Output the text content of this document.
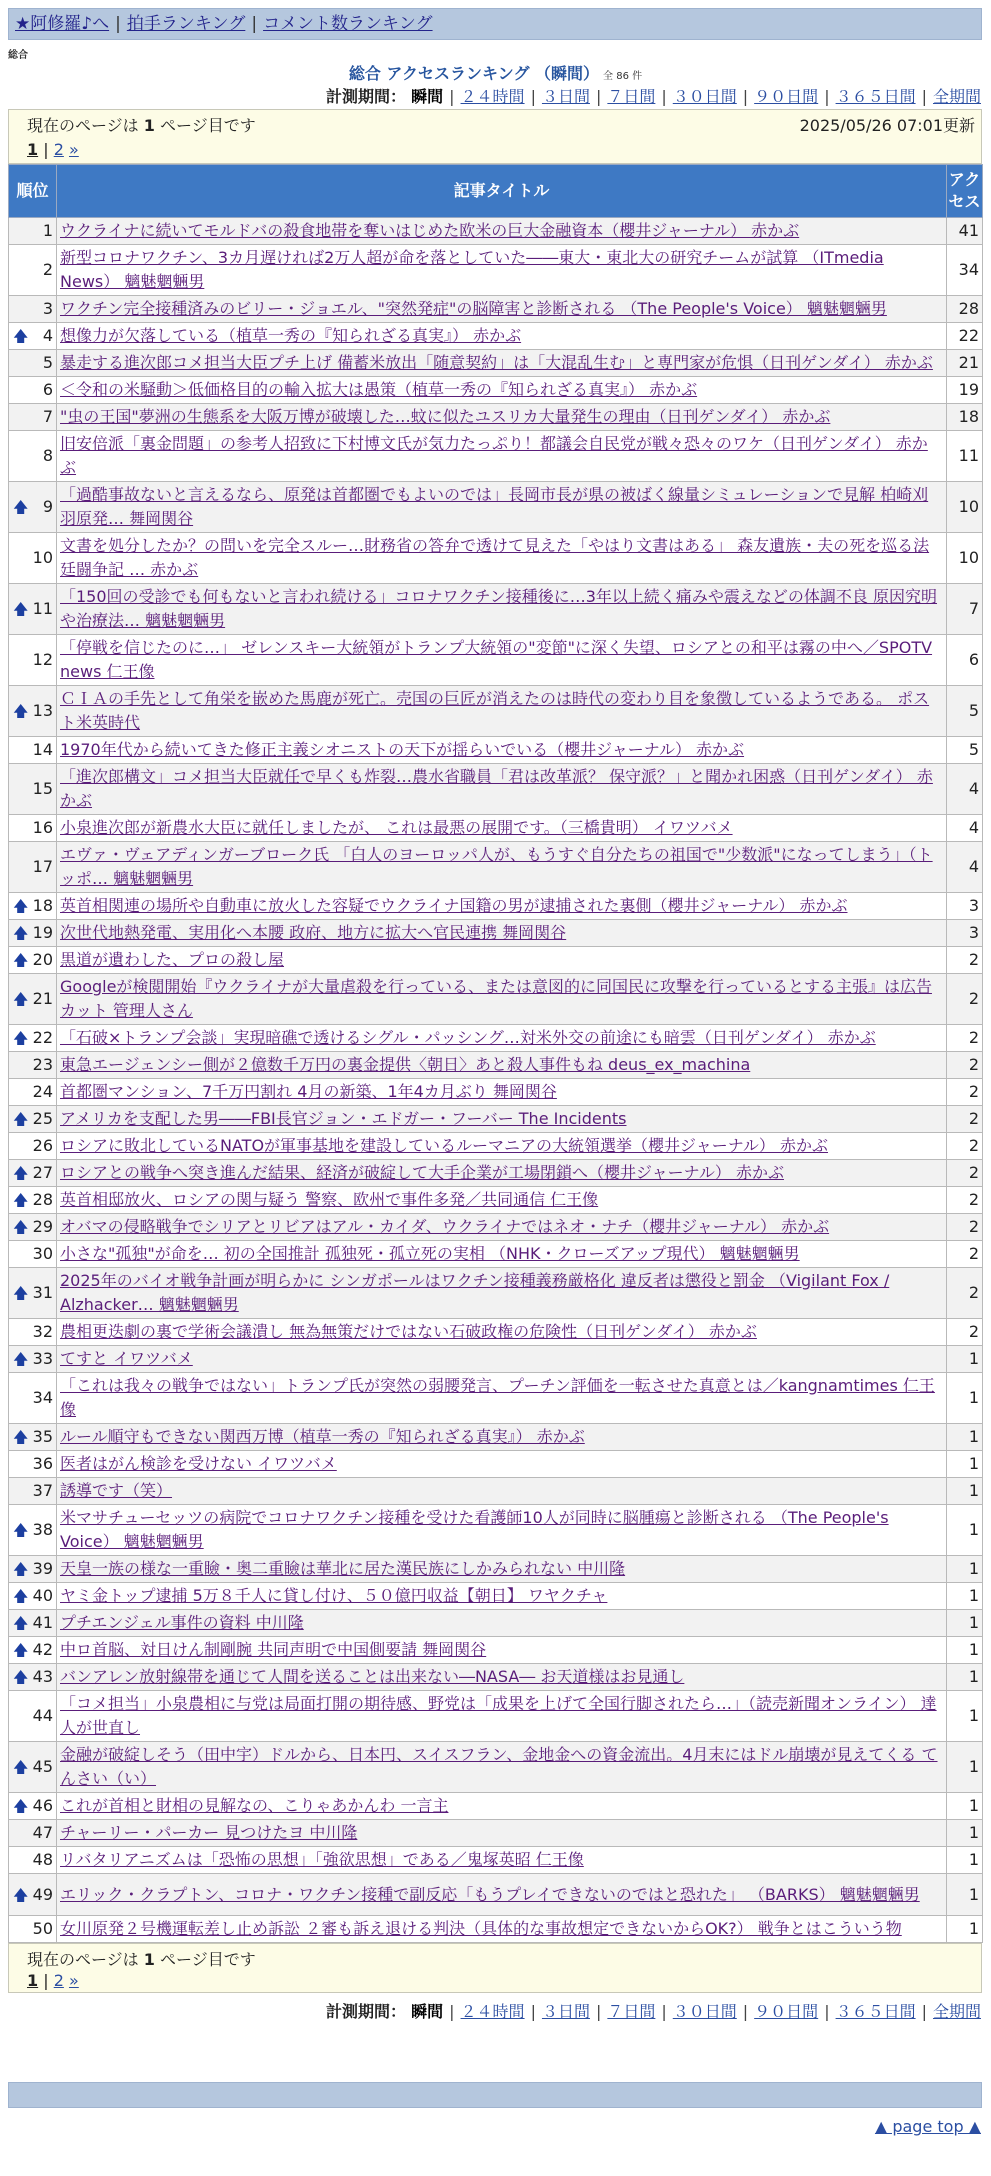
★阿修羅♪へ | 拍手ランキング | コメント数ランキング
総合
総合 アクセスランキング （瞬間） 全 86 件
計測期間： 瞬間 | ２４時間 | ３日間 | ７日間 | ３０日間 | ９０日間 | ３６５日間 | 全期間
現在のページは 1 ページ目です	2025/05/26 07:01更新
1 | 2 »
順位	記事タイトル	アクセス
1	ウクライナに続いてモルドバの殺食地帯を奪いはじめた欧米の巨大金融資本（櫻井ジャーナル） 赤かぶ	41
2	新型コロナワクチン、3カ月遅ければ2万人超が命を落としていた――東大・東北大の研究チームが試算 （ITmedia News） 魑魅魍魎男	34
3	ワクチン完全接種済みのビリー・ジョエル、"突然発症"の脳障害と診断される （The People's Voice） 魑魅魍魎男	28

🡅 4	想像力が欠落している（植草一秀の『知られざる真実』） 赤かぶ	22
5	暴走する進次郎コメ担当大臣プチ上げ 備蓄米放出「随意契約」は「大混乱生む」と専門家が危惧（日刊ゲンダイ） 赤かぶ	21
6	＜令和の米騒動＞低価格目的の輸入拡大は愚策（植草一秀の『知られざる真実』） 赤かぶ	19
7	"虫の王国"夢洲の生態系を大阪万博が破壊した…蚊に似たユスリカ大量発生の理由（日刊ゲンダイ） 赤かぶ	18
8	旧安倍派「裏金問題」の参考人招致に下村博文氏が気力たっぷり！都議会自民党が戦々恐々のワケ（日刊ゲンダイ） 赤かぶ	11

🡅 9	「過酷事故ないと言えるなら、原発は首都圏でもよいのでは」長岡市長が県の被ばく線量シミュレーションで見解 柏崎刈羽原発… 舞岡関谷	10
10	文書を処分したか？の問いを完全スルー…財務省の答弁で透けて見えた「やはり文書はある」 森友遺族・夫の死を巡る法廷闘争記 … 赤かぶ	10

🡅 11	「150回の受診でも何もないと言われ続ける」コロナワクチン接種後に…3年以上続く痛みや震えなどの体調不良 原因究明や治療法… 魑魅魍魎男	7
12	「停戦を信じたのに…」 ゼレンスキー大統領がトランプ大統領の"変節"に深く失望、ロシアとの和平は霧の中へ／SPOTV news 仁王像	6

🡅 13	ＣＩＡの手先として角栄を嵌めた馬鹿が死亡。売国の巨匠が消えたのは時代の変わり目を象徴しているようである。 ポスト米英時代	5
14	1970年代から続いてきた修正主義シオニストの天下が揺らいでいる（櫻井ジャーナル） 赤かぶ	5
15	「進次郎構文」コメ担当大臣就任で早くも炸裂…農水省職員「君は改革派？ 保守派？」と聞かれ困惑（日刊ゲンダイ） 赤かぶ	4
16	小泉進次郎が新農水大臣に就任しましたが、 これは最悪の展開です。（三橋貴明） イワツバメ	4
17	エヴァ・ヴェアディンガーブローク氏 「白人のヨーロッパ人が、もうすぐ自分たちの祖国で"少数派"になってしまう」（トッポ… 魑魅魍魎男	4

🡅 18	英首相関連の場所や自動車に放火した容疑でウクライナ国籍の男が逮捕された裏側（櫻井ジャーナル） 赤かぶ	3

🡅 19	次世代地熱発電、実用化へ本腰 政府、地方に拡大へ官民連携 舞岡関谷	3

🡅 20	黒道が遺わした、プロの殺し屋	2

🡅 21	Googleが検閲開始『ウクライナが大量虐殺を行っている、または意図的に同国民に攻撃を行っているとする主張』は広告カット 管理人さん	2

🡅 22	「石破×トランプ会談」実現暗礁で透けるシグル・パッシング…対米外交の前途にも暗雲（日刊ゲンダイ） 赤かぶ	2
23	東急エージェンシー側が２億数千万円の裏金提供〈朝日〉あと殺人事件もね deus_ex_machina	2
24	首都圏マンション、7千万円割れ 4月の新築、1年4カ月ぶり 舞岡関谷	2

🡅 25	アメリカを支配した男――FBI長官ジョン・エドガー・フーバー The Incidents	2
26	ロシアに敗北しているNATOが軍事基地を建設しているルーマニアの大統領選挙（櫻井ジャーナル） 赤かぶ	2

🡅 27	ロシアとの戦争へ突き進んだ結果、経済が破綻して大手企業が工場閉鎖へ（櫻井ジャーナル） 赤かぶ	2

🡅 28	英首相邸放火、ロシアの関与疑う 警察、欧州で事件多発／共同通信 仁王像	2

🡅 29	オバマの侵略戦争でシリアとリビアはアル・カイダ、ウクライナではネオ・ナチ（櫻井ジャーナル） 赤かぶ	2
30	小さな"孤独"が命を… 初の全国推計 孤独死・孤立死の実相 （NHK・クローズアップ現代） 魑魅魍魎男	2

🡅 31	2025年のバイオ戦争計画が明らかに シンガポールはワクチン接種義務厳格化 違反者は懲役と罰金 （Vigilant Fox / Alzhacker… 魑魅魍魎男	2
32	農相更迭劇の裏で学術会議潰し 無為無策だけではない石破政権の危険性（日刊ゲンダイ） 赤かぶ	2

🡅 33	てすと イワツバメ	1
34	「これは我々の戦争ではない」トランプ氏が突然の弱腰発言、プーチン評価を一転させた真意とは／kangnamtimes 仁王像	1

🡅 35	ルール順守もできない関西万博（植草一秀の『知られざる真実』） 赤かぶ	1
36	医者はがん検診を受けない イワツバメ	1
37	誘導です（笑）	1

🡅 38	米マサチューセッツの病院でコロナワクチン接種を受けた看護師10人が同時に脳腫瘍と診断される （The People's Voice） 魑魅魍魎男	1

🡅 39	天皇一族の様な一重瞼・奥二重瞼は華北に居た漢民族にしかみられない 中川隆	1

🡅 40	ヤミ金トップ逮捕 5万８千人に貸し付け、５０億円収益【朝日】 ワヤクチャ	1

🡅 41	プチエンジェル事件の資料 中川隆	1

🡅 42	中ロ首脳、対日けん制剛腕 共同声明で中国側要請 舞岡関谷	1

🡅 43	バンアレン放射線帯を通じて人間を送ることは出来ない―NASA― お天道様はお見通し	1
44	「コメ担当」小泉農相に与党は局面打開の期待感、野党は「成果を上げて全国行脚されたら…」（読売新聞オンライン） 達人が世直し	1

🡅 45	金融が破綻しそう（田中宇）ドルから、日本円、スイスフラン、金地金への資金流出。4月末にはドル崩壊が見えてくる てんさい（い）	1

🡅 46	これが首相と財相の見解なの、こりゃあかんわ 一言主	1
47	チャーリー・パーカー 見つけたヨ 中川隆	1
48	リバタリアニズムは「恐怖の思想」「強欲思想」である／鬼塚英昭 仁王像	1

🡅 49	エリック・クラプトン、コロナ・ワクチン接種で副反応「もうプレイできないのではと恐れた」 （BARKS） 魑魅魍魎男	1
50	女川原発２号機運転差し止め訴訟 ２審も訴え退ける判決（具体的な事故想定できないからOK?） 戦争とはこういう物	1
現在のページは 1 ページ目です
1 | 2 »
計測期間： 瞬間 | ２４時間 | ３日間 | ７日間 | ３０日間 | ９０日間 | ３６５日間 | 全期間
▲ page top ▲
